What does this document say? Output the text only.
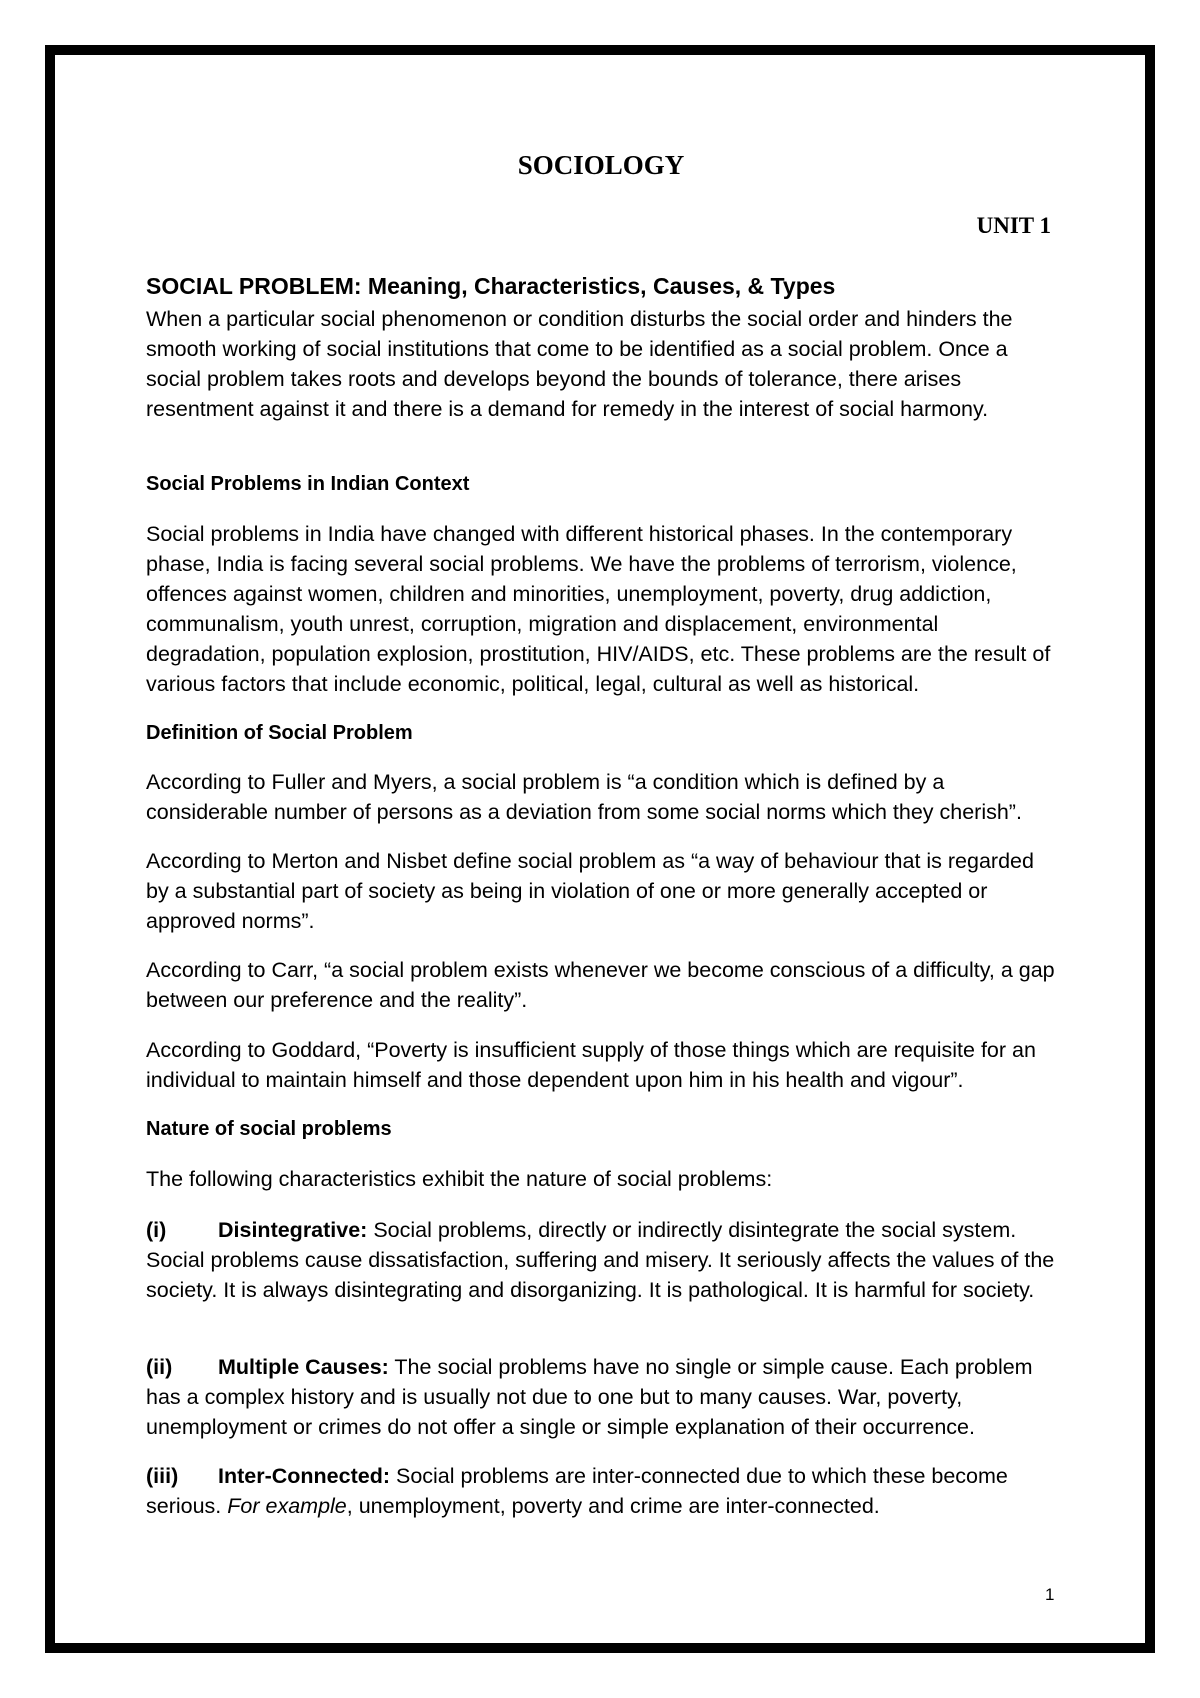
SOCIOLOGY

UNIT 1

SOCIAL PROBLEM: Meaning, Characteristics, Causes, & Types

When a particular social phenomenon or condition disturbs the social order and hinders the smooth working of social institutions that come to be identified as a social problem. Once a social problem takes roots and develops beyond the bounds of tolerance, there arises resentment against it and there is a demand for remedy in the interest of social harmony.

Social Problems in Indian Context

Social problems in India have changed with different historical phases. In the contemporary phase, India is facing several social problems. We have the problems of terrorism, violence, offences against women, children and minorities, unemployment, poverty, drug addiction, communalism, youth unrest, corruption, migration and displacement, environmental degradation, population explosion, prostitution, HIV/AIDS, etc. These problems are the result of various factors that include economic, political, legal, cultural as well as historical.

Definition of Social Problem

According to Fuller and Myers, a social problem is “a condition which is defined by a considerable number of persons as a deviation from some social norms which they cherish”.

According to Merton and Nisbet define social problem as “a way of behaviour that is regarded by a substantial part of society as being in violation of one or more generally accepted or approved norms”.

According to Carr, “a social problem exists whenever we become conscious of a difficulty, a gap between our preference and the reality”.

According to Goddard, “Poverty is insufficient supply of those things which are requisite for an individual to maintain himself and those dependent upon him in his health and vigour”.

Nature of social problems

The following characteristics exhibit the nature of social problems:

(i) Disintegrative: Social problems, directly or indirectly disintegrate the social system. Social problems cause dissatisfaction, suffering and misery. It seriously affects the values of the society. It is always disintegrating and disorganizing. It is pathological. It is harmful for society.

(ii) Multiple Causes: The social problems have no single or simple cause. Each problem has a complex history and is usually not due to one but to many causes. War, poverty, unemployment or crimes do not offer a single or simple explanation of their occurrence.

(iii) Inter-Connected: Social problems are inter-connected due to which these become serious. For example, unemployment, poverty and crime are inter-connected.

1
